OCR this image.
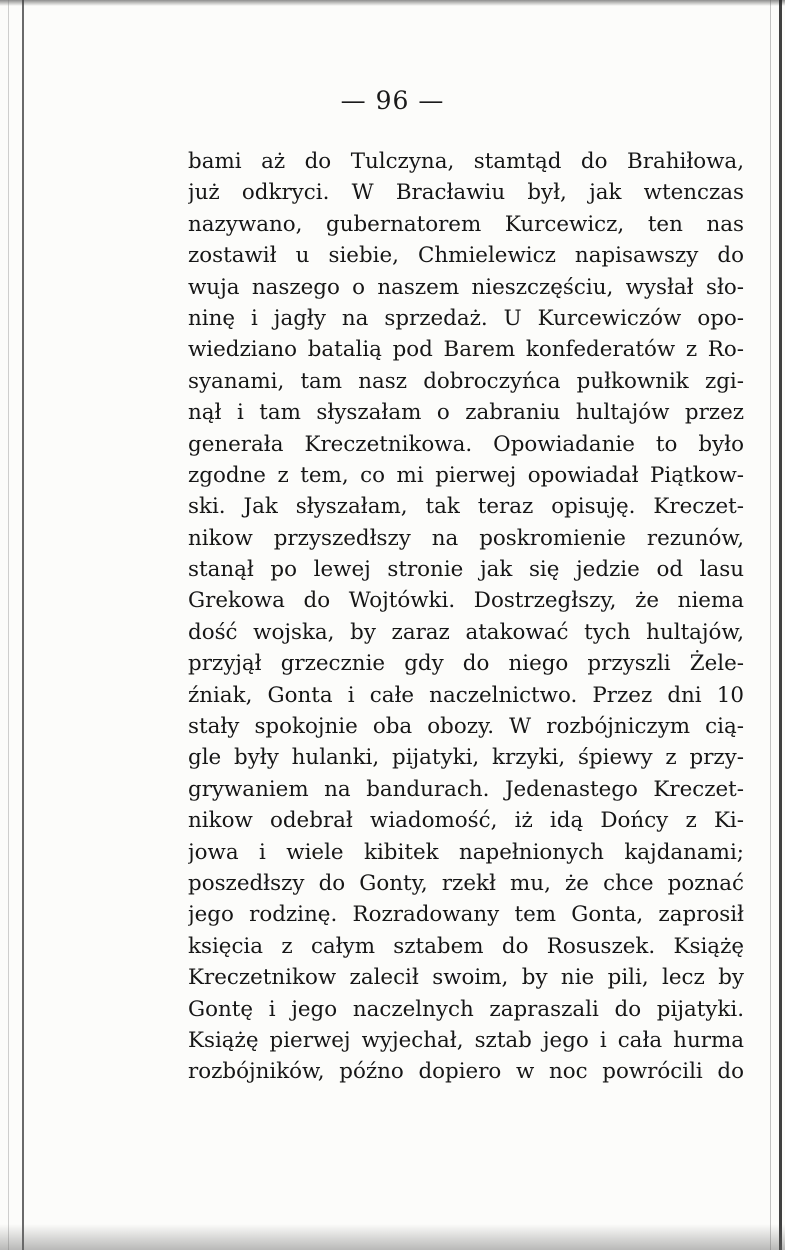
— 96 —
bami aż do Tulczyna, stamtąd do Brahiłowa,
już odkryci. W Bracławiu był, jak wtenczas
nazywano, gubernatorem Kurcewicz, ten nas
zostawił u siebie, Chmielewicz napisawszy do
wuja naszego o naszem nieszczęściu, wysłał sło-
ninę i jagły na sprzedaż. U Kurcewiczów opo-
wiedziano batalią pod Barem konfederatów z Ro-
syanami, tam nasz dobroczyńca pułkownik zgi-
nął i tam słyszałam o zabraniu hultajów przez
generała Kreczetnikowa. Opowiadanie to było
zgodne z tem, co mi pierwej opowiadał Piątkow-
ski. Jak słyszałam, tak teraz opisuję. Kreczet-
nikow przyszedłszy na poskromienie rezunów,
stanął po lewej stronie jak się jedzie od lasu
Grekowa do Wojtówki. Dostrzegłszy, że niema
dość wojska, by zaraz atakować tych hultajów,
przyjął grzecznie gdy do niego przyszli Żele-
źniak, Gonta i całe naczelnictwo. Przez dni 10
stały spokojnie oba obozy. W rozbójniczym cią-
gle były hulanki, pijatyki, krzyki, śpiewy z przy-
grywaniem na bandurach. Jedenastego Kreczet-
nikow odebrał wiadomość, iż idą Dońcy z Ki-
jowa i wiele kibitek napełnionych kajdanami;
poszedłszy do Gonty, rzekł mu, że chce poznać
jego rodzinę. Rozradowany tem Gonta, zaprosił
księcia z całym sztabem do Rosuszek. Książę
Kreczetnikow zalecił swoim, by nie pili, lecz by
Gontę i jego naczelnych zapraszali do pijatyki.
Książę pierwej wyjechał, sztab jego i cała hurma
rozbójników, późno dopiero w noc powrócili do
